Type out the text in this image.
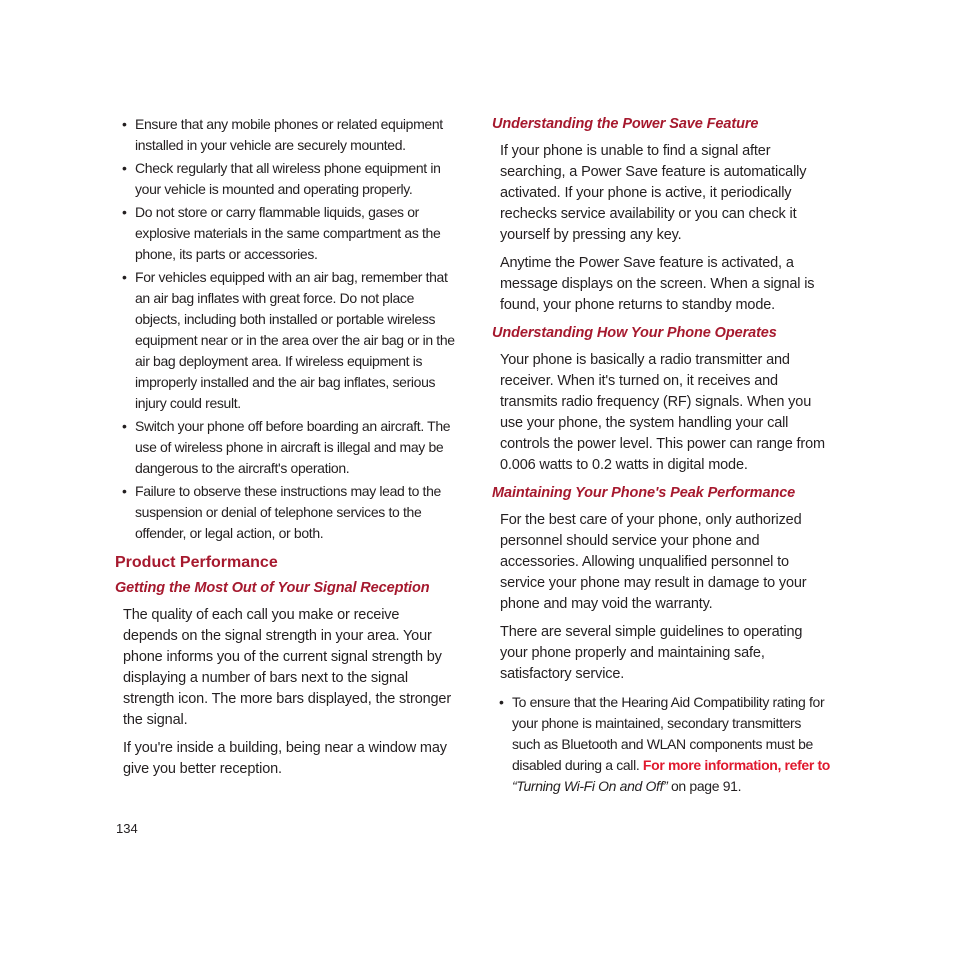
• Ensure that any mobile phones or related equipment installed in your vehicle are securely mounted.
• Check regularly that all wireless phone equipment in your vehicle is mounted and operating properly.
• Do not store or carry flammable liquids, gases or explosive materials in the same compartment as the phone, its parts or accessories.
• For vehicles equipped with an air bag, remember that an air bag inflates with great force. Do not place objects, including both installed or portable wireless equipment near or in the area over the air bag or in the air bag deployment area. If wireless equipment is improperly installed and the air bag inflates, serious injury could result.
• Switch your phone off before boarding an aircraft. The use of wireless phone in aircraft is illegal and may be dangerous to the aircraft's operation.
• Failure to observe these instructions may lead to the suspension or denial of telephone services to the offender, or legal action, or both.
Product Performance
Getting the Most Out of Your Signal Reception

The quality of each call you make or receive depends on the signal strength in your area. Your phone informs you of the current signal strength by displaying a number of bars next to the signal strength icon. The more bars displayed, the stronger the signal.

If you're inside a building, being near a window may give you better reception.

Understanding the Power Save Feature

If your phone is unable to find a signal after searching, a Power Save feature is automatically activated. If your phone is active, it periodically rechecks service availability or you can check it yourself by pressing any key.

Anytime the Power Save feature is activated, a message displays on the screen. When a signal is found, your phone returns to standby mode.

Understanding How Your Phone Operates

Your phone is basically a radio transmitter and receiver. When it's turned on, it receives and transmits radio frequency (RF) signals. When you use your phone, the system handling your call controls the power level. This power can range from 0.006 watts to 0.2 watts in digital mode.

Maintaining Your Phone's Peak Performance

For the best care of your phone, only authorized personnel should service your phone and accessories. Allowing unqualified personnel to service your phone may result in damage to your phone and may void the warranty.

There are several simple guidelines to operating your phone properly and maintaining safe, satisfactory service.

• To ensure that the Hearing Aid Compatibility rating for your phone is maintained, secondary transmitters such as Bluetooth and WLAN components must be disabled during a call. For more information, refer to “Turning Wi-Fi On and Off” on page 91.
134
